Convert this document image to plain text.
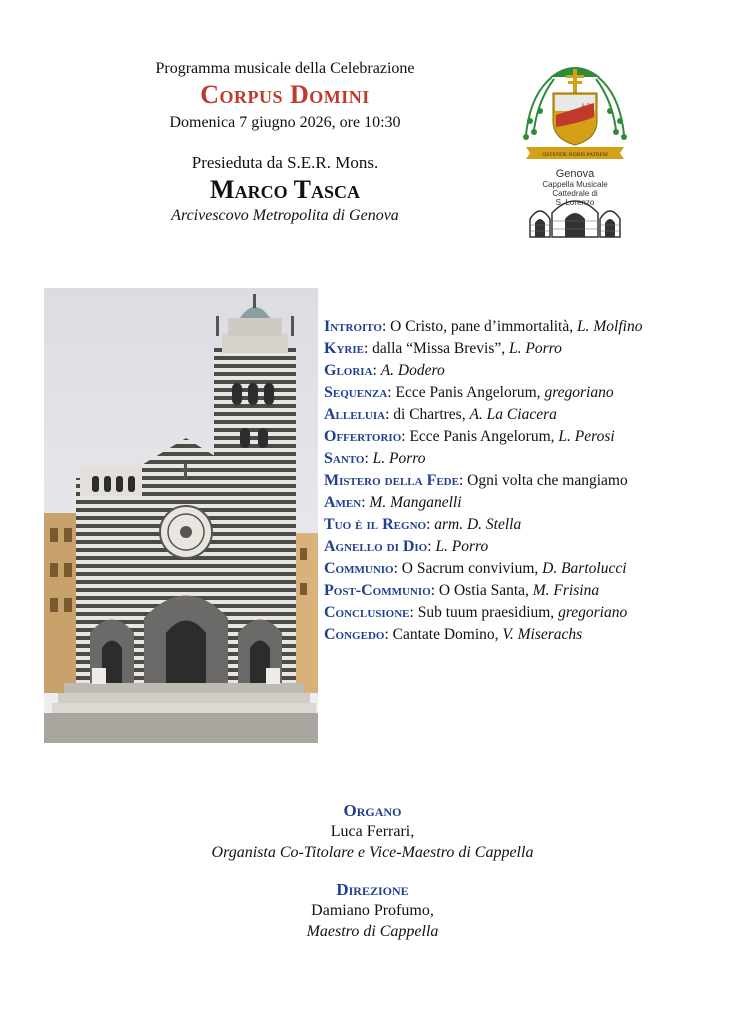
Programma musicale della Celebrazione
Corpus Domini
Domenica 7 giugno 2026, ore 10:30
Presieduta da S.E.R. Mons.
Marco Tasca
Arcivescovo Metropolita di Genova
A.D.
OSTENDE NOBIS PATREM
Genova
Cappella Musicale
Cattedrale di
S. Lorenzo

Introito: O Cristo, pane d’immortalità, L. Molfino

Kyrie: dalla “Missa Brevis”, L. Porro

Gloria: A. Dodero

Sequenza: Ecce Panis Angelorum, gregoriano

Alleluia: di Chartres, A. La Ciacera

Offertorio: Ecce Panis Angelorum, L. Perosi

Santo: L. Porro

Mistero della Fede: Ogni volta che mangiamo

Amen: M. Manganelli

Tuo è il Regno: arm. D. Stella

Agnello di Dio: L. Porro

Communio: O Sacrum convivium, D. Bartolucci

Post-Communio: O Ostia Santa, M. Frisina

Conclusione: Sub tuum praesidium, gregoriano

Congedo: Cantate Domino, V. Miserachs

Organo
Luca Ferrari,
Organista Co-Titolare e Vice-Maestro di Cappella
Direzione
Damiano Profumo,
Maestro di Cappella
